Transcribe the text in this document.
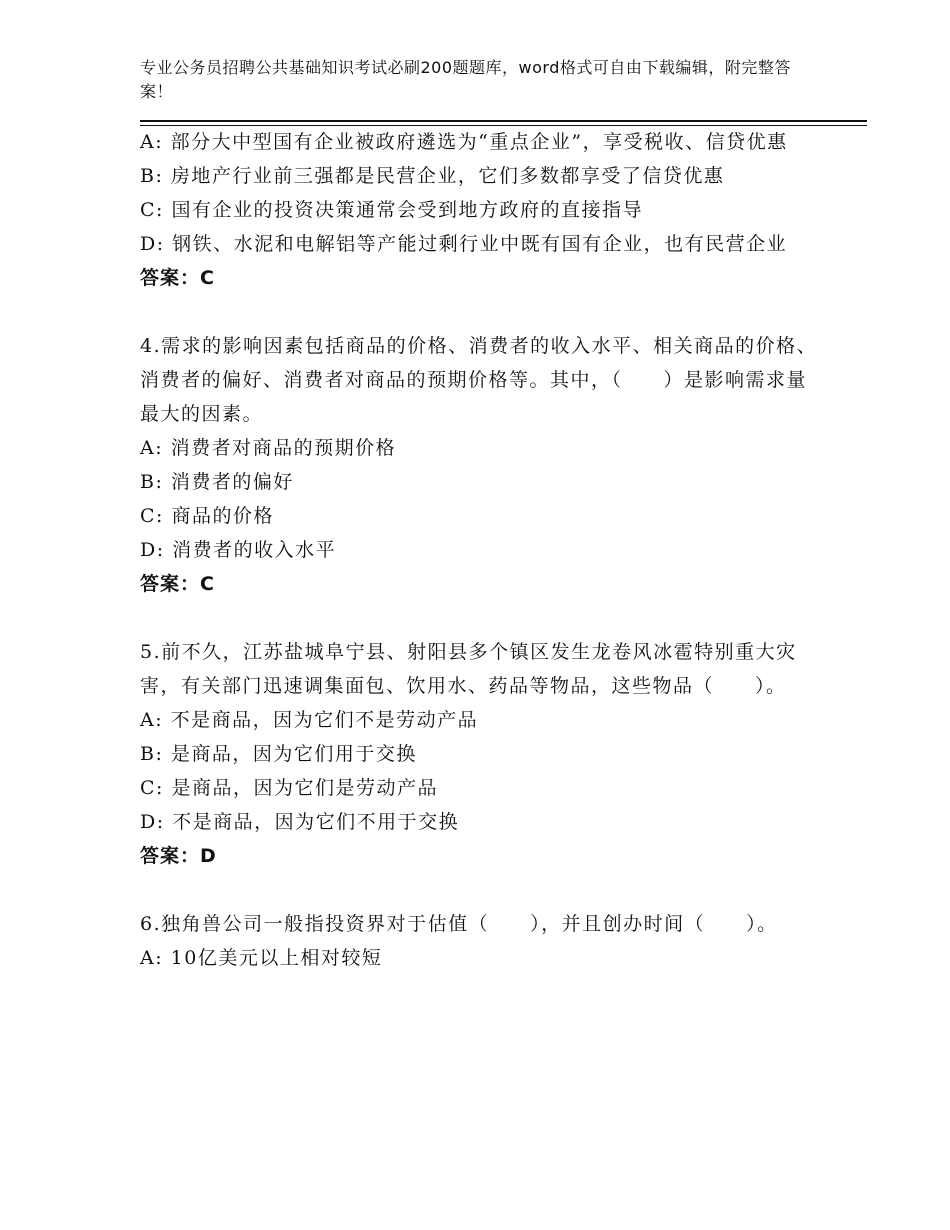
专业公务员招聘公共基础知识考试必刷200题题库，word格式可自由下载编辑，附完整答案！
A: 部分大中型国有企业被政府遴选为“重点企业”，享受税收、信贷优惠
B: 房地产行业前三强都是民营企业，它们多数都享受了信贷优惠
C: 国有企业的投资决策通常会受到地方政府的直接指导
D: 钢铁、水泥和电解铝等产能过剩行业中既有国有企业，也有民营企业
答案：C
4.需求的影响因素包括商品的价格、消费者的收入水平、相关商品的价格、消费者的偏好、消费者对商品的预期价格等。其中，（　　）是影响需求量最大的因素。
A: 消费者对商品的预期价格
B: 消费者的偏好
C: 商品的价格
D: 消费者的收入水平
答案：C
5.前不久，江苏盐城阜宁县、射阳县多个镇区发生龙卷风冰雹特别重大灾害，有关部门迅速调集面包、饮用水、药品等物品，这些物品（　　）。
A: 不是商品，因为它们不是劳动产品
B: 是商品，因为它们用于交换
C: 是商品，因为它们是劳动产品
D: 不是商品，因为它们不用于交换
答案：D
6.独角兽公司一般指投资界对于估值（　　），并且创办时间（　　）。
A: 10亿美元以上相对较短
